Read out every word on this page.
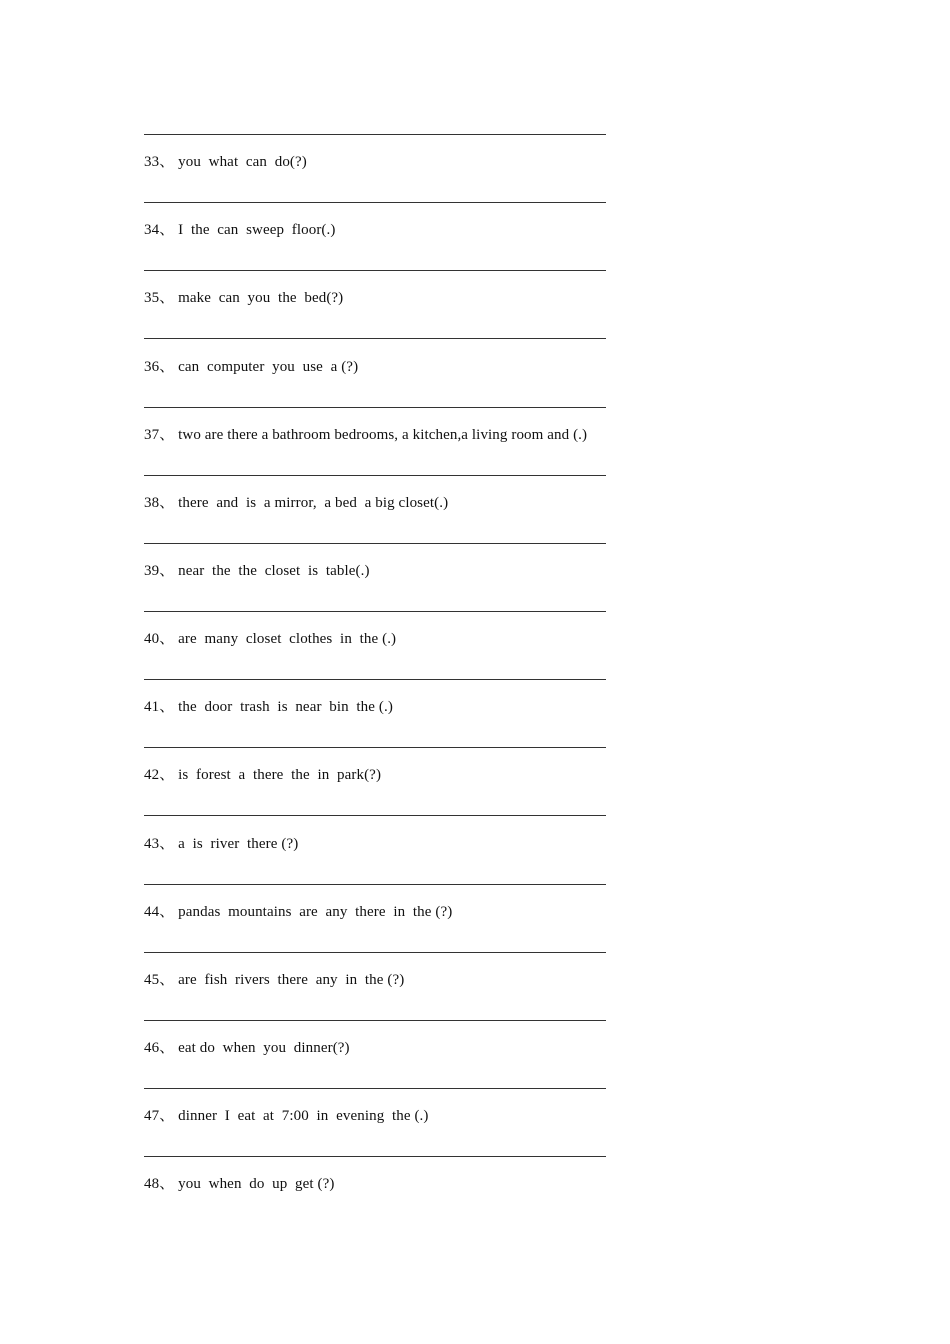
33、 you  what  can  do(?)
34、 I  the  can  sweep  floor(.)
35、 make  can  you  the  bed(?)
36、 can  computer  you  use  a (?)
37、 two are there a bathroom bedrooms, a kitchen,a living room and (.)
38、 there  and  is  a mirror,  a bed  a big closet(.)
39、 near  the  the  closet  is  table(.)
40、 are  many  closet  clothes  in  the (.)
41、 the  door  trash  is  near  bin  the (.)
42、 is  forest  a  there  the  in  park(?)
43、 a  is  river  there (?)
44、 pandas  mountains  are  any  there  in  the (?)
45、 are  fish  rivers  there  any  in  the (?)
46、 eat do  when  you  dinner(?)
47、 dinner  I  eat  at  7:00  in  evening  the (.)
48、 you  when  do  up  get (?)
